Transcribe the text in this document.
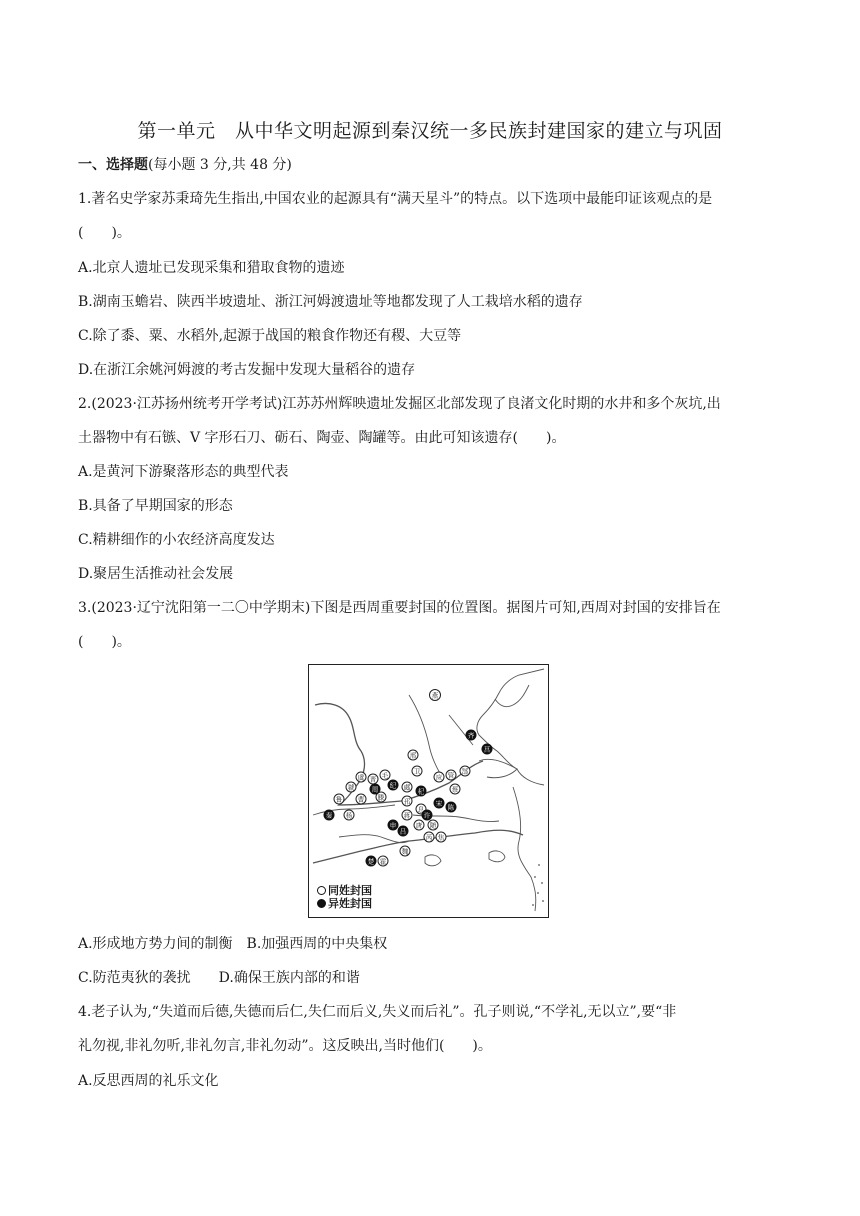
第一单元　从中华文明起源到秦汉统一多民族封建国家的建立与巩固
一、选择题(每小题 3 分,共 48 分)
1.著名史学家苏秉琦先生指出,中国农业的起源具有“满天星斗”的特点。以下选项中最能印证该观点的是
(　　)。
A.北京人遗址已发现采集和猎取食物的遗迹
B.湖南玉蟾岩、陕西半坡遗址、浙江河姆渡遗址等地都发现了人工栽培水稻的遗存
C.除了黍、粟、水稻外,起源于战国的粮食作物还有稷、大豆等
D.在浙江余姚河姆渡的考古发掘中发现大量稻谷的遗存
2.(2023·江苏扬州统考开学考试)江苏苏州辉映遗址发掘区北部发现了良渚文化时期的水井和多个灰坑,出
土器物中有石镞、V 字形石刀、砺石、陶壶、陶罐等。由此可知该遗存(　　)。
A.是黄河下游聚落形态的典型代表
B.具备了早期国家的形态
C.精耕细作的小农经济高度发达
D.聚居生活推动社会发展
3.(2023·辽宁沈阳第一二〇中学期末)下图是西周重要封国的位置图。据图片可知,西周对封国的安排旨在
(　　)。
燕
邢
卫
晋
虞
虢
毛
鲁 曹 滕
郕
郜
管
蔡
应
息
蒋
随
唐
焦
芮
魏
霍
杨
邘
齐
莒
宋
杞
陈
许
申
吕
纪
楚
秦
周
同姓封国
异姓封国
A.形成地方势力间的制衡　B.加强西周的中央集权
C.防范夷狄的袭扰　　D.确保王族内部的和谐
4.老子认为,“失道而后德,失德而后仁,失仁而后义,失义而后礼”。孔子则说,“不学礼,无以立”,要“非
礼勿视,非礼勿听,非礼勿言,非礼勿动”。这反映出,当时他们(　　)。
A.反思西周的礼乐文化
